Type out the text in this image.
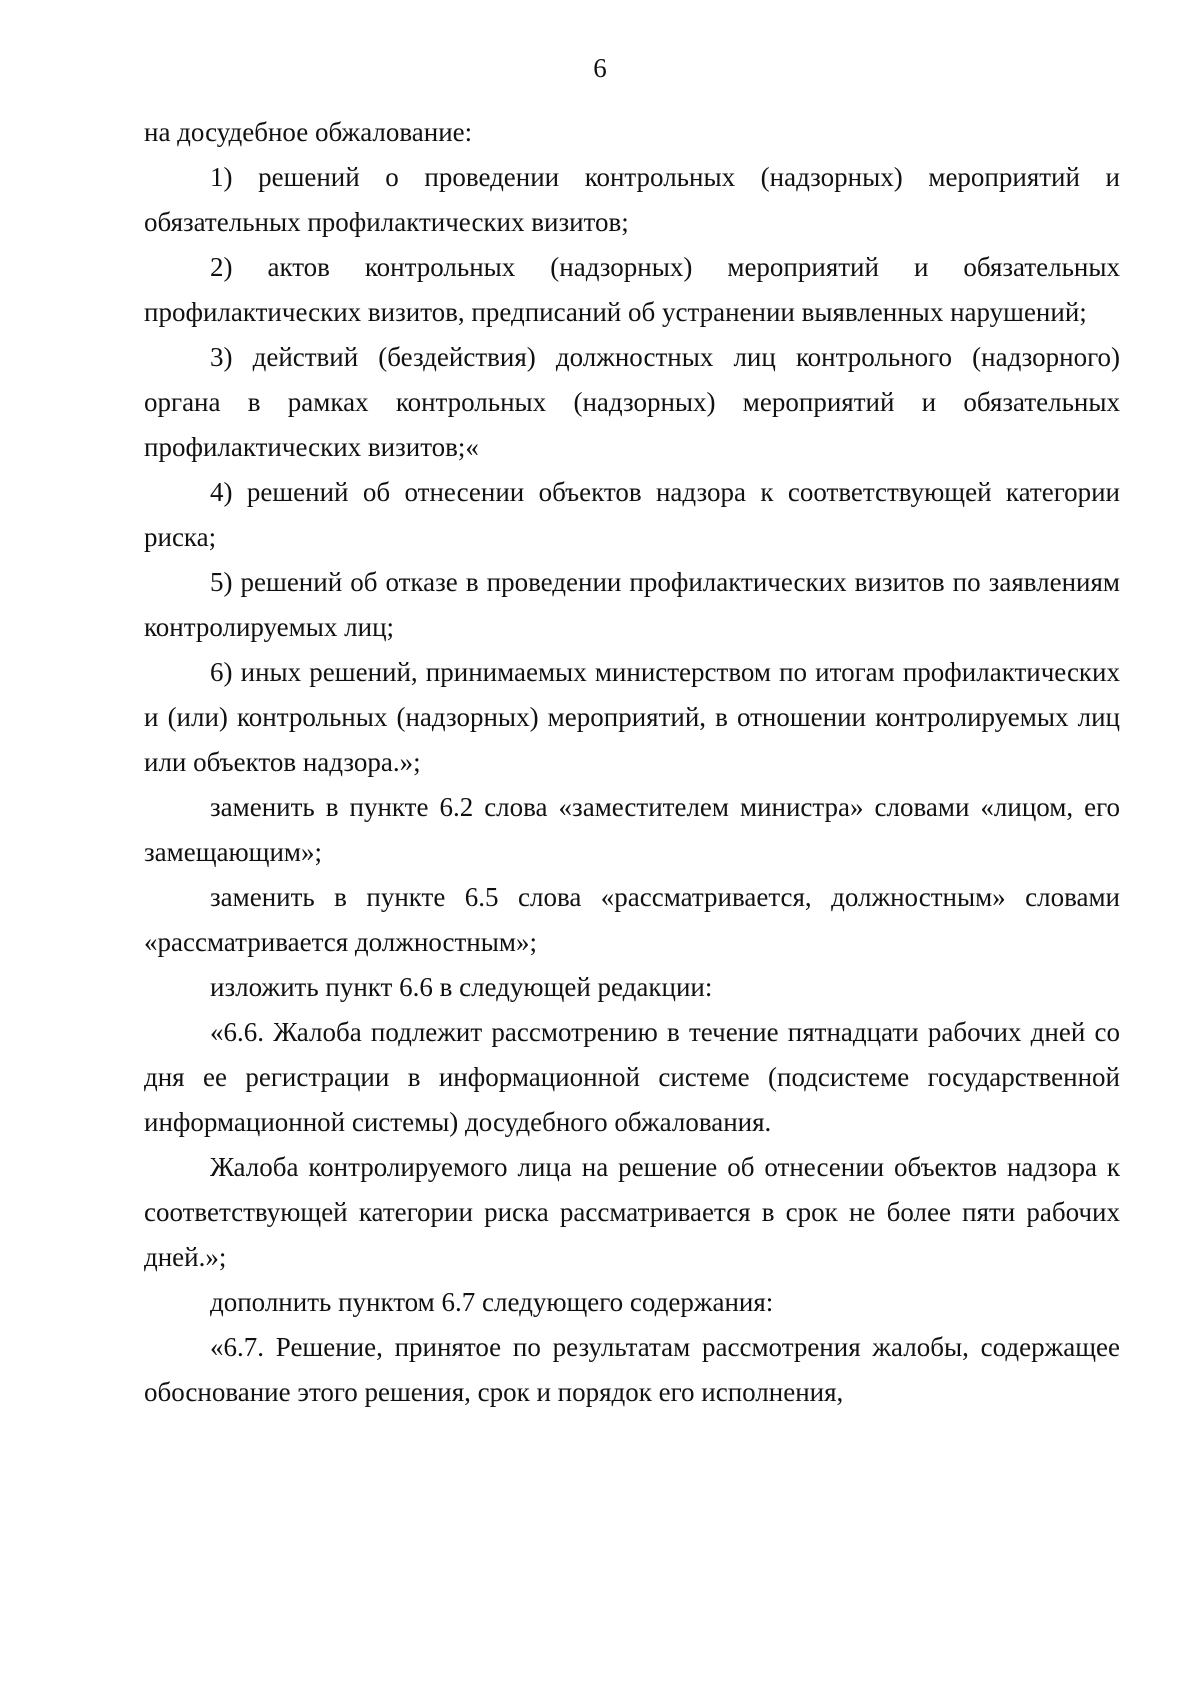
6

на досудебное обжалование:

1) решений о проведении контрольных (надзорных) мероприятий и обязательных профилактических визитов;

2) актов контрольных (надзорных) мероприятий и обязательных профилактических визитов, предписаний об устранении выявленных нарушений;

3) действий (бездействия) должностных лиц контрольного (надзорного) органа в рамках контрольных (надзорных) мероприятий и обязательных профилактических визитов;«

4) решений об отнесении объектов надзора к соответствующей категории риска;

5) решений об отказе в проведении профилактических визитов по заявлениям контролируемых лиц;

6) иных решений, принимаемых министерством по итогам профилактических и (или) контрольных (надзорных) мероприятий, в отношении контролируемых лиц или объектов надзора.»;

заменить в пункте 6.2 слова «заместителем министра» словами «лицом, его замещающим»;

заменить в пункте 6.5 слова «рассматривается, должностным» словами «рассматривается должностным»;

изложить пункт 6.6 в следующей редакции:

«6.6. Жалоба подлежит рассмотрению в течение пятнадцати рабочих дней со дня ее регистрации в информационной системе (подсистеме государственной информационной системы) досудебного обжалования.

Жалоба контролируемого лица на решение об отнесении объектов надзора к соответствующей категории риска рассматривается в срок не более пяти рабочих дней.»;

дополнить пунктом 6.7 следующего содержания:

«6.7. Решение, принятое по результатам рассмотрения жалобы, содержащее обоснование этого решения, срок и порядок его исполнения,
